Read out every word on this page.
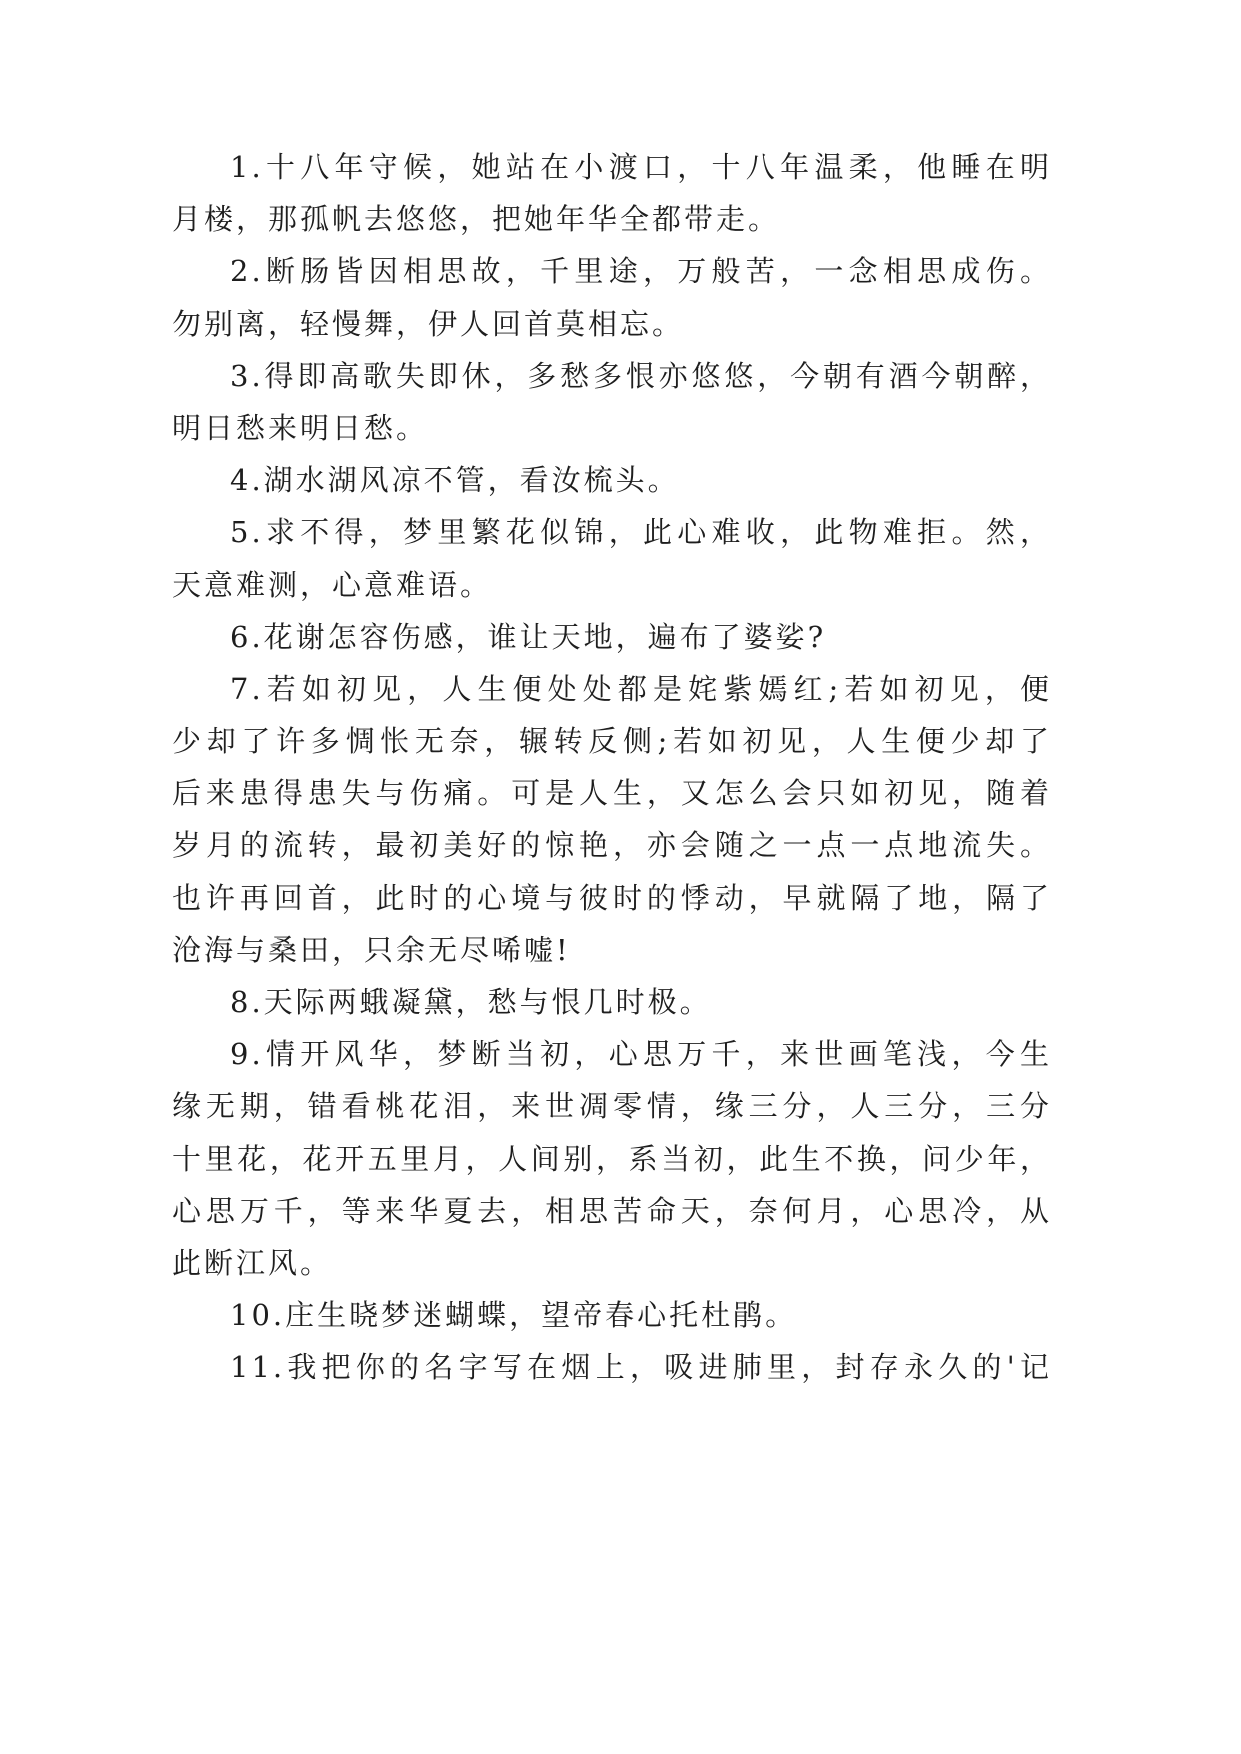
1.十八年守候，她站在小渡口，十八年温柔，他睡在明
月楼，那孤帆去悠悠，把她年华全都带走。
2.断肠皆因相思故，千里途，万般苦，一念相思成伤。
勿别离，轻慢舞，伊人回首莫相忘。
3.得即高歌失即休，多愁多恨亦悠悠，今朝有酒今朝醉，
明日愁来明日愁。
4.湖水湖风凉不管，看汝梳头。
5.求不得，梦里繁花似锦，此心难收，此物难拒。然，
天意难测，心意难语。
6.花谢怎容伤感，谁让天地，遍布了婆娑?
7.若如初见，人生便处处都是姹紫嫣红;若如初见，便
少却了许多惆怅无奈，辗转反侧;若如初见，人生便少却了
后来患得患失与伤痛。可是人生，又怎么会只如初见，随着
岁月的流转，最初美好的惊艳，亦会随之一点一点地流失。
也许再回首，此时的心境与彼时的悸动，早就隔了地，隔了
沧海与桑田，只余无尽唏嘘!
8.天际两蛾凝黛，愁与恨几时极。
9.情开风华，梦断当初，心思万千，来世画笔浅，今生
缘无期，错看桃花泪，来世凋零情，缘三分，人三分，三分
十里花，花开五里月，人间别，系当初，此生不换，问少年，
心思万千，等来华夏去，相思苦命天，奈何月，心思冷，从
此断江风。
10.庄生晓梦迷蝴蝶，望帝春心托杜鹃。
11.我把你的名字写在烟上，吸进肺里，封存永久的'记
